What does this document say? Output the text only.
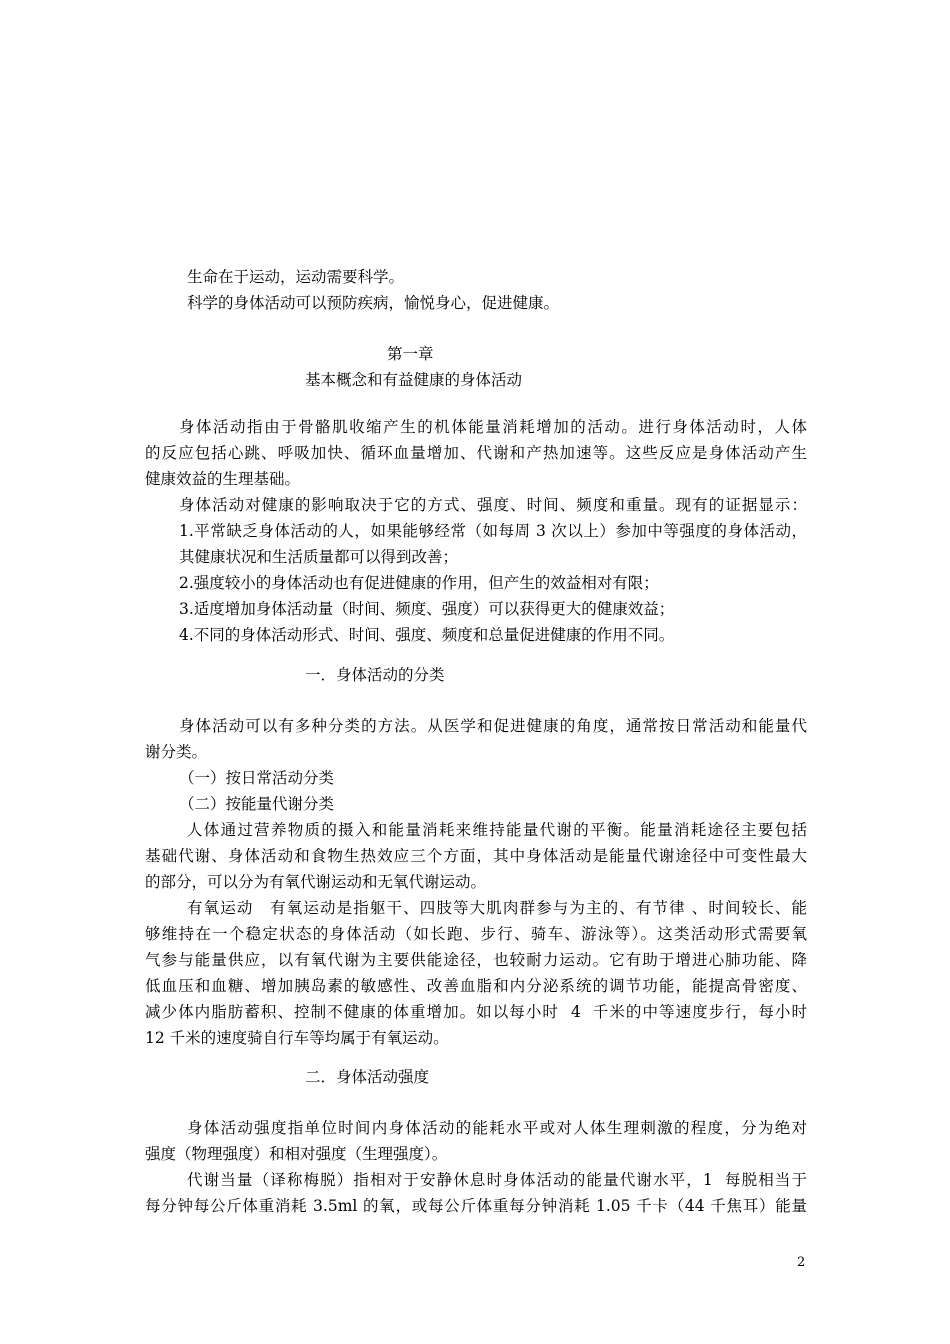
生命在于运动，运动需要科学。
科学的身体活动可以预防疾病，愉悦身心，促进健康。
第一章
基本概念和有益健康的身体活动
身体活动指由于骨骼肌收缩产生的机体能量消耗增加的活动。进行身体活动时，人体
的反应包括心跳、呼吸加快、循环血量增加、代谢和产热加速等。这些反应是身体活动产生
健康效益的生理基础。
身体活动对健康的影响取决于它的方式、强度、时间、频度和重量。现有的证据显示：
1.平常缺乏身体活动的人，如果能够经常（如每周 3 次以上）参加中等强度的身体活动，
其健康状况和生活质量都可以得到改善；
2.强度较小的身体活动也有促进健康的作用，但产生的效益相对有限；
3.适度增加身体活动量（时间、频度、强度）可以获得更大的健康效益；
4.不同的身体活动形式、时间、强度、频度和总量促进健康的作用不同。
一．身体活动的分类
身体活动可以有多种分类的方法。从医学和促进健康的角度，通常按日常活动和能量代
谢分类。
（一）按日常活动分类
（二）按能量代谢分类
人体通过营养物质的摄入和能量消耗来维持能量代谢的平衡。能量消耗途径主要包括
基础代谢、身体活动和食物生热效应三个方面，其中身体活动是能量代谢途径中可变性最大
的部分，可以分为有氧代谢运动和无氧代谢运动。
有氧运动　有氧运动是指躯干、四肢等大肌肉群参与为主的、有节律 、时间较长、能
够维持在一个稳定状态的身体活动（如长跑、步行、骑车、游泳等）。这类活动形式需要氧
气参与能量供应，以有氧代谢为主要供能途径，也较耐力运动。它有助于增进心肺功能、降
低血压和血糖、增加胰岛素的敏感性、改善血脂和内分泌系统的调节功能，能提高骨密度、
减少体内脂肪蓄积、控制不健康的体重增加。如以每小时  4  千米的中等速度步行，每小时
12 千米的速度骑自行车等均属于有氧运动。
二．身体活动强度
身体活动强度指单位时间内身体活动的能耗水平或对人体生理刺激的程度，分为绝对
强度（物理强度）和相对强度（生理强度）。
代谢当量（译称梅脱）指相对于安静休息时身体活动的能量代谢水平，1  每脱相当于
每分钟每公斤体重消耗 3.5ml 的氧，或每公斤体重每分钟消耗 1.05 千卡（44 千焦耳）能量
2
